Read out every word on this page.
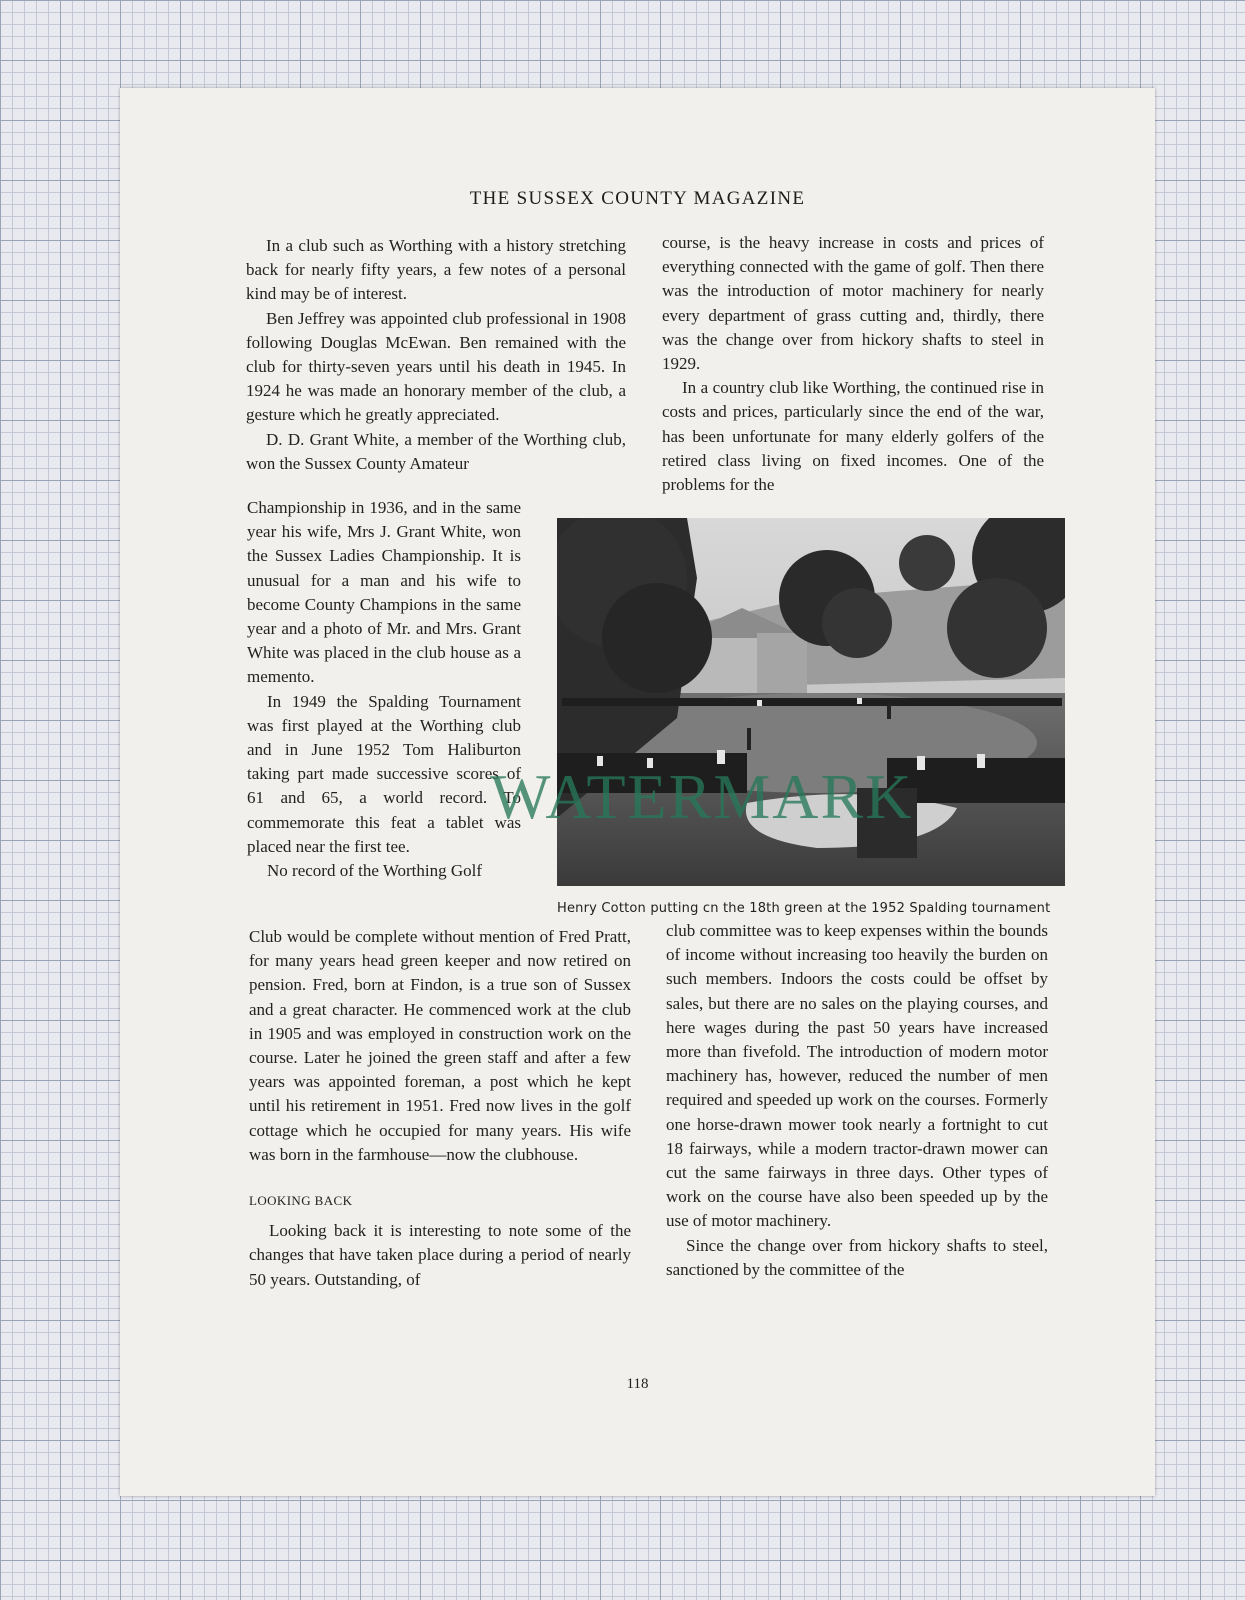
THE SUSSEX COUNTY MAGAZINE

In a club such as Worthing with a history stretching back for nearly fifty years, a few notes of a personal kind may be of interest.

Ben Jeffrey was appointed club professional in 1908 following Douglas McEwan. Ben remained with the club for thirty-seven years until his death in 1945. In 1924 he was made an honorary member of the club, a gesture which he greatly appreciated.

D. D. Grant White, a member of the Worthing club, won the Sussex County Amateur

Championship in 1936, and in the same year his wife, Mrs J. Grant White, won the Sussex Ladies Championship. It is unusual for a man and his wife to become County Champions in the same year and a photo of Mr. and Mrs. Grant White was placed in the club house as a memento.

In 1949 the Spalding Tournament was first played at the Worthing club and in June 1952 Tom Haliburton taking part made successive scores of 61 and 65, a world record. To commemorate this feat a tablet was placed near the first tee.

No record of the Worthing Golf

Club would be complete without mention of Fred Pratt, for many years head green keeper and now retired on pension. Fred, born at Findon, is a true son of Sussex and a great character. He commenced work at the club in 1905 and was employed in construction work on the course. Later he joined the green staff and after a few years was appointed foreman, a post which he kept until his retirement in 1951. Fred now lives in the golf cottage which he occupied for many years. His wife was born in the farmhouse—now the clubhouse.

LOOKING BACK

Looking back it is interesting to note some of the changes that have taken place during a period of nearly 50 years. Outstanding, of

course, is the heavy increase in costs and prices of everything connected with the game of golf. Then there was the introduction of motor machinery for nearly every department of grass cutting and, thirdly, there was the change over from hickory shafts to steel in 1929.

In a country club like Worthing, the continued rise in costs and prices, particularly since the end of the war, has been unfortunate for many elderly golfers of the retired class living on fixed incomes. One of the problems for the

Henry Cotton putting cn the 18th green at the 1952 Spalding tournament

club committee was to keep expenses within the bounds of income without increasing too heavily the burden on such members. Indoors the costs could be offset by sales, but there are no sales on the playing courses, and here wages during the past 50 years have increased more than fivefold. The introduction of modern motor machinery has, however, reduced the number of men required and speeded up work on the courses. Formerly one horse-drawn mower took nearly a fortnight to cut 18 fairways, while a modern tractor-drawn mower can cut the same fairways in three days. Other types of work on the course have also been speeded up by the use of motor machinery.

Since the change over from hickory shafts to steel, sanctioned by the committee of the

118
WATERMARK
